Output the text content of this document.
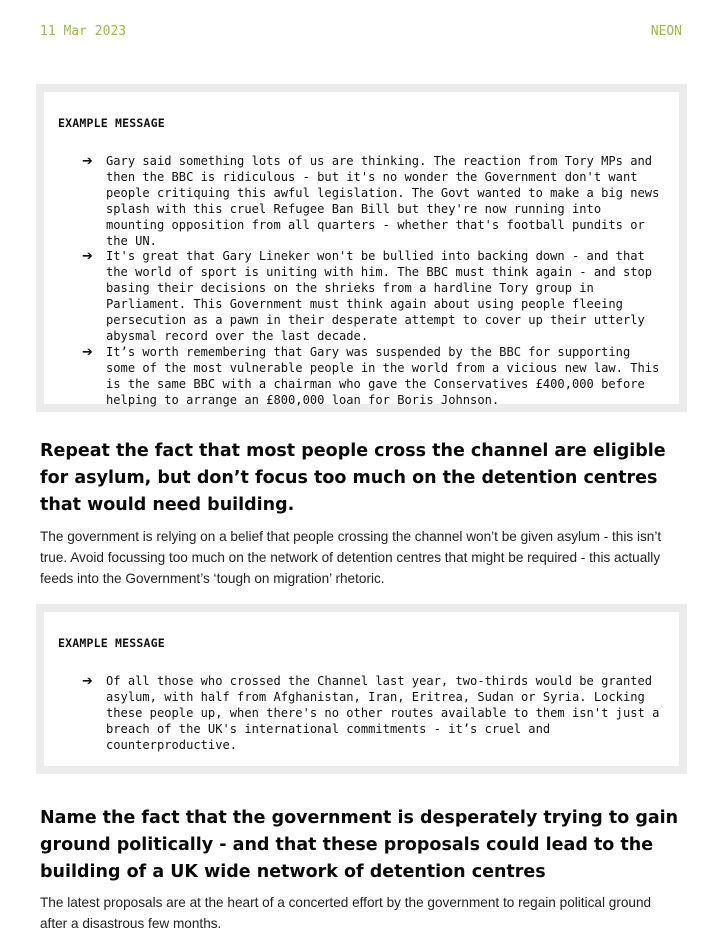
11 Mar 2023	NEON
EXAMPLE MESSAGE
➔ Gary said something lots of us are thinking. The reaction from Tory MPs and then the BBC is ridiculous - but it's no wonder the Government don't want people critiquing this awful legislation. The Govt wanted to make a big news splash with this cruel Refugee Ban Bill but they're now running into mounting opposition from all quarters - whether that's football pundits or the UN.
➔ It's great that Gary Lineker won't be bullied into backing down - and that the world of sport is uniting with him. The BBC must think again - and stop basing their decisions on the shrieks from a hardline Tory group in Parliament. This Government must think again about using people fleeing persecution as a pawn in their desperate attempt to cover up their utterly abysmal record over the last decade.
➔ It’s worth remembering that Gary was suspended by the BBC for supporting some of the most vulnerable people in the world from a vicious new law. This is the same BBC with a chairman who gave the Conservatives £400,000 before helping to arrange an £800,000 loan for Boris Johnson.
Repeat the fact that most people cross the channel are eligible for asylum, but don’t focus too much on the detention centres that would need building.

The government is relying on a belief that people crossing the channel won’t be given asylum - this isn’t true. Avoid focussing too much on the network of detention centres that might be required - this actually feeds into the Government’s ‘tough on migration’ rhetoric.

EXAMPLE MESSAGE
➔ Of all those who crossed the Channel last year, two-thirds would be granted asylum, with half from Afghanistan, Iran, Eritrea, Sudan or Syria. Locking these people up, when there's no other routes available to them isn't just a breach of the UK's international commitments - it’s cruel and counterproductive.
Name the fact that the government is desperately trying to gain ground politically - and that these proposals could lead to the building of a UK wide network of detention centres

The latest proposals are at the heart of a concerted effort by the government to regain political ground after a disastrous few months.
